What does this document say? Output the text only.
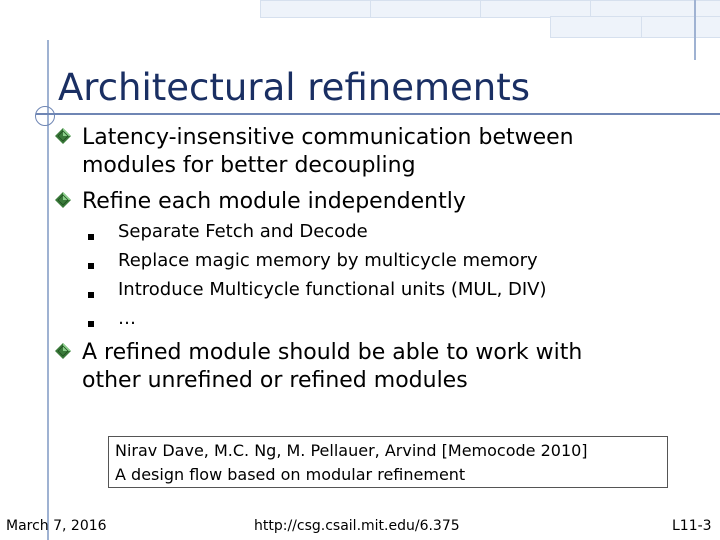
Architectural refinements
Latency-insensitive communication between
modules for better decoupling
Refine each module independently
Separate Fetch and Decode
Replace magic memory by multicycle memory
Introduce Multicycle functional units (MUL, DIV)
…
A refined module should be able to work with
other unrefined or refined modules
Nirav Dave, M.C. Ng, M. Pellauer, Arvind [Memocode 2010]
A design flow based on modular refinement
March 7, 2016	http://csg.csail.mit.edu/6.375	L11-3
